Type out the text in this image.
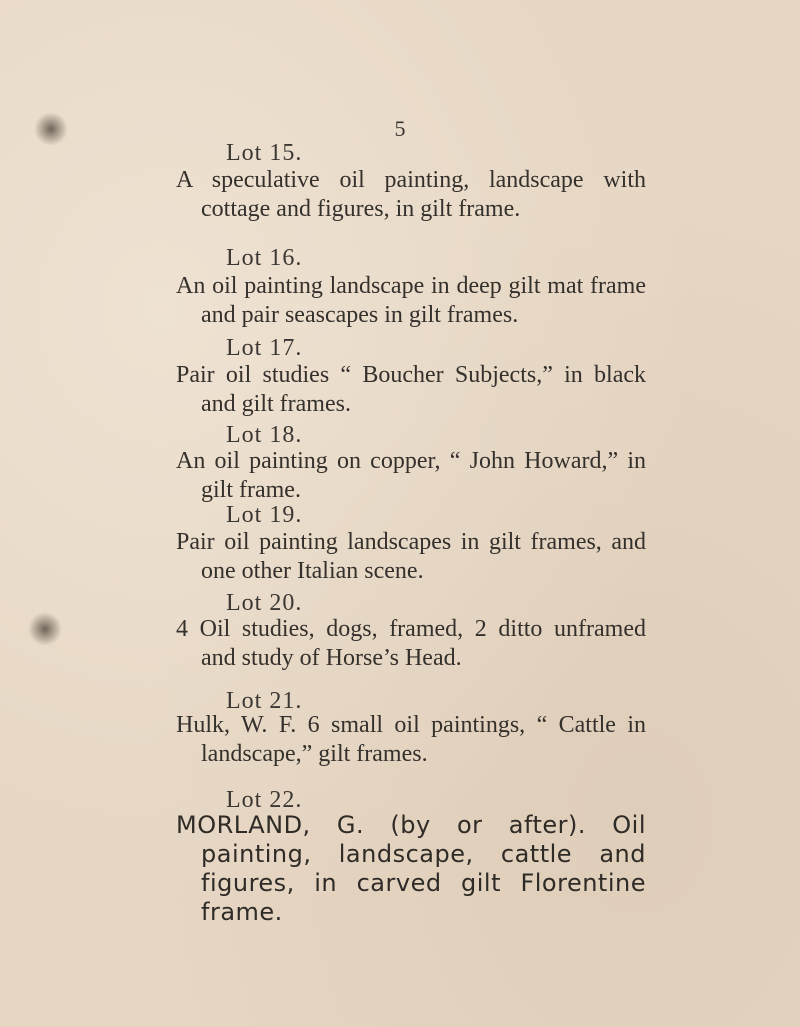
5
Lot 15.
A speculative oil painting, landscape with cottage and figures, in gilt frame.
Lot 16.
An oil painting landscape in deep gilt mat frame and pair seascapes in gilt frames.
Lot 17.
Pair oil studies “ Boucher Subjects,” in black and gilt frames.
Lot 18.
An oil painting on copper, “ John Howard,” in gilt frame.
Lot 19.
Pair oil painting landscapes in gilt frames, and one other Italian scene.
Lot 20.
4 Oil studies, dogs, framed, 2 ditto unframed and study of Horse’s Head.
Lot 21.
Hulk, W. F. 6 small oil paintings, “ Cattle in landscape,” gilt frames.
Lot 22.
MORLAND, G. (by or after). Oil painting, landscape, cattle and figures, in carved gilt Florentine frame.
